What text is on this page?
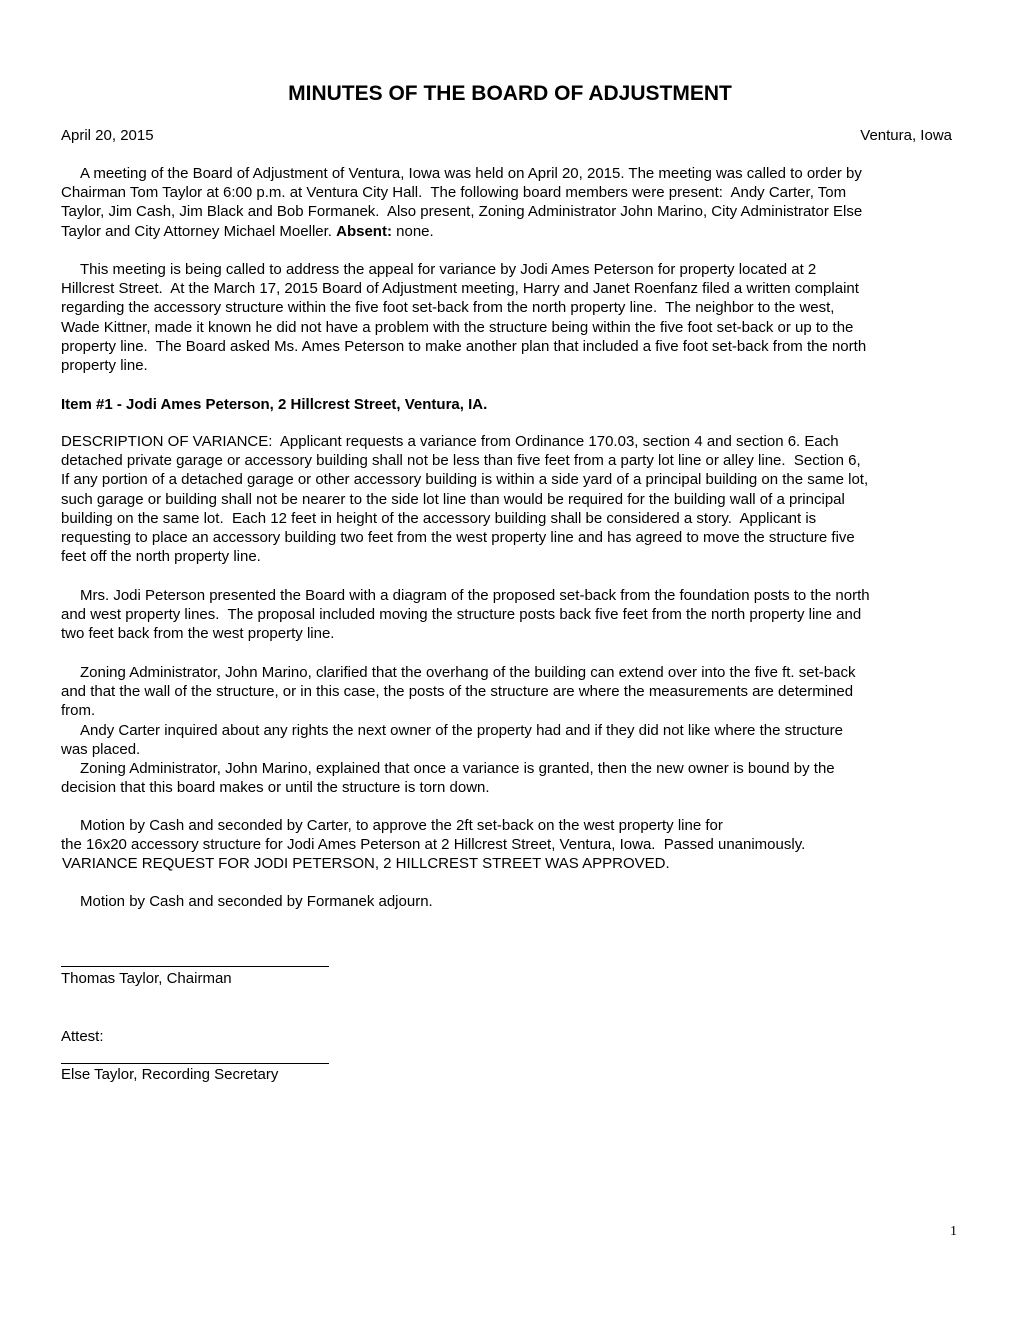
MINUTES OF THE BOARD OF ADJUSTMENT
April 20, 2015	Ventura, Iowa
A meeting of the Board of Adjustment of Ventura, Iowa was held on April 20, 2015. The meeting was called to order by
Chairman Tom Taylor at 6:00 p.m. at Ventura City Hall.  The following board members were present:  Andy Carter, Tom
Taylor, Jim Cash, Jim Black and Bob Formanek.  Also present, Zoning Administrator John Marino, City Administrator Else
Taylor and City Attorney Michael Moeller. Absent: none.
This meeting is being called to address the appeal for variance by Jodi Ames Peterson for property located at 2
Hillcrest Street.  At the March 17, 2015 Board of Adjustment meeting, Harry and Janet Roenfanz filed a written complaint
regarding the accessory structure within the five foot set-back from the north property line.  The neighbor to the west,
Wade Kittner, made it known he did not have a problem with the structure being within the five foot set-back or up to the
property line.  The Board asked Ms. Ames Peterson to make another plan that included a five foot set-back from the north
property line.
Item #1 - Jodi Ames Peterson, 2 Hillcrest Street, Ventura, IA.
DESCRIPTION OF VARIANCE:  Applicant requests a variance from Ordinance 170.03, section 4 and section 6. Each
detached private garage or accessory building shall not be less than five feet from a party lot line or alley line.  Section 6,
If any portion of a detached garage or other accessory building is within a side yard of a principal building on the same lot,
such garage or building shall not be nearer to the side lot line than would be required for the building wall of a principal
building on the same lot.  Each 12 feet in height of the accessory building shall be considered a story.  Applicant is
requesting to place an accessory building two feet from the west property line and has agreed to move the structure five
feet off the north property line.
Mrs. Jodi Peterson presented the Board with a diagram of the proposed set-back from the foundation posts to the north
and west property lines.  The proposal included moving the structure posts back five feet from the north property line and
two feet back from the west property line.
Zoning Administrator, John Marino, clarified that the overhang of the building can extend over into the five ft. set-back
and that the wall of the structure, or in this case, the posts of the structure are where the measurements are determined
from.
Andy Carter inquired about any rights the next owner of the property had and if they did not like where the structure
was placed.
Zoning Administrator, John Marino, explained that once a variance is granted, then the new owner is bound by the
decision that this board makes or until the structure is torn down.
Motion by Cash and seconded by Carter, to approve the 2ft set-back on the west property line for
the 16x20 accessory structure for Jodi Ames Peterson at 2 Hillcrest Street, Ventura, Iowa.  Passed unanimously.
VARIANCE REQUEST FOR JODI PETERSON, 2 HILLCREST STREET WAS APPROVED.
Motion by Cash and seconded by Formanek adjourn.
Thomas Taylor, Chairman
Attest:
Else Taylor, Recording Secretary
1
